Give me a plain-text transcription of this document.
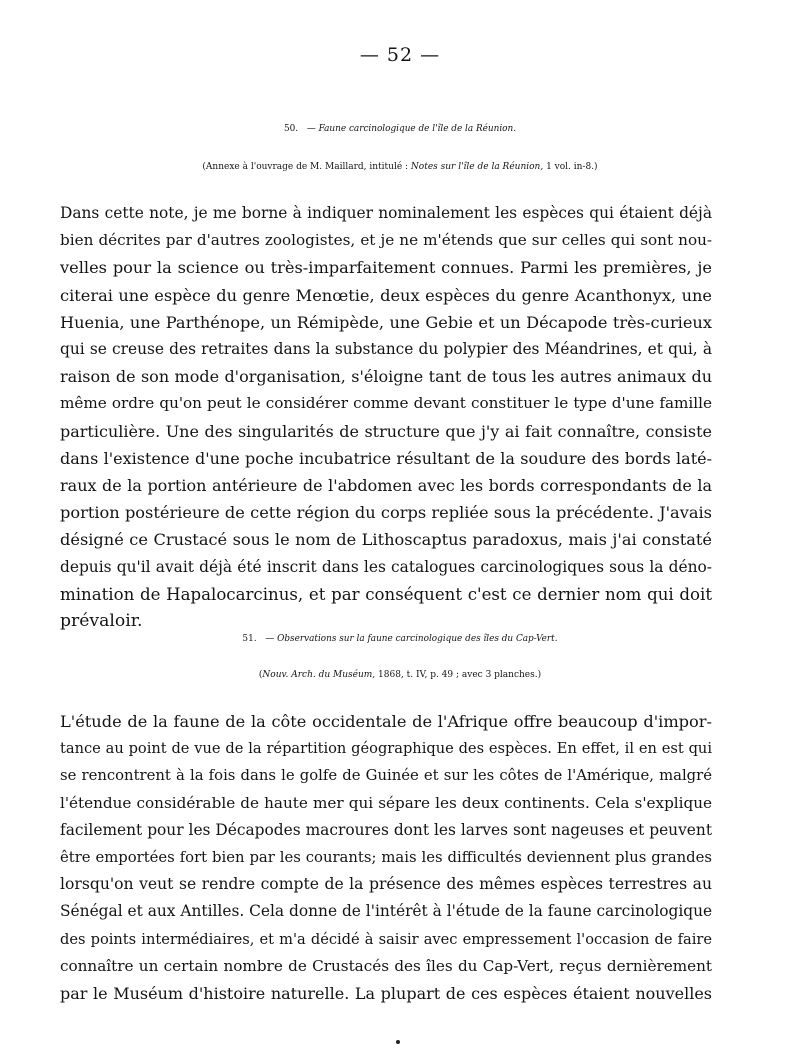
— 52 —
50. — Faune carcinologique de l'île de la Réunion.
(Annexe à l'ouvrage de M. Maillard, intitulé : Notes sur l'île de la Réunion, 1 vol. in-8.)
Dans cette note, je me borne à indiquer nominalement les espèces qui étaient déjà
bien décrites par d'autres zoologistes, et je ne m'étends que sur celles qui sont nou-
velles pour la science ou très-imparfaitement connues. Parmi les premières, je
citerai une espèce du genre Menœtie, deux espèces du genre Acanthonyx, une
Huenia, une Parthénope, un Rémipède, une Gebie et un Décapode très-curieux
qui se creuse des retraites dans la substance du polypier des Méandrines, et qui, à
raison de son mode d'organisation, s'éloigne tant de tous les autres animaux du
même ordre qu'on peut le considérer comme devant constituer le type d'une famille
particulière. Une des singularités de structure que j'y ai fait connaître, consiste
dans l'existence d'une poche incubatrice résultant de la soudure des bords laté-
raux de la portion antérieure de l'abdomen avec les bords correspondants de la
portion postérieure de cette région du corps repliée sous la précédente. J'avais
désigné ce Crustacé sous le nom de Lithoscaptus paradoxus, mais j'ai constaté
depuis qu'il avait déjà été inscrit dans les catalogues carcinologiques sous la déno-
mination de Hapalocarcinus, et par conséquent c'est ce dernier nom qui doit
prévaloir.
51. — Observations sur la faune carcinologique des îles du Cap-Vert.
(Nouv. Arch. du Muséum, 1868, t. IV, p. 49 ; avec 3 planches.)
L'étude de la faune de la côte occidentale de l'Afrique offre beaucoup d'impor-
tance au point de vue de la répartition géographique des espèces. En effet, il en est qui
se rencontrent à la fois dans le golfe de Guinée et sur les côtes de l'Amérique, malgré
l'étendue considérable de haute mer qui sépare les deux continents. Cela s'explique
facilement pour les Décapodes macroures dont les larves sont nageuses et peuvent
être emportées fort bien par les courants; mais les difficultés deviennent plus grandes
lorsqu'on veut se rendre compte de la présence des mêmes espèces terrestres au
Sénégal et aux Antilles. Cela donne de l'intérêt à l'étude de la faune carcinologique
des points intermédiaires, et m'a décidé à saisir avec empressement l'occasion de faire
connaître un certain nombre de Crustacés des îles du Cap-Vert, reçus dernièrement
par le Muséum d'histoire naturelle. La plupart de ces espèces étaient nouvelles
